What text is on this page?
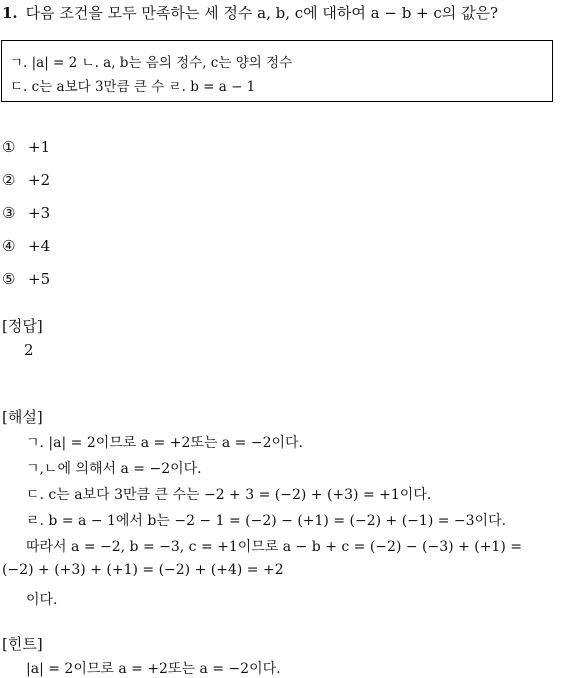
1. 다음 조건을 모두 만족하는 세 정수 a, b, c에 대하여 a − b + c의 값은?
ㄱ. |a| = 2 ㄴ. a, b는 음의 정수, c는 양의 정수
ㄷ. c는 a보다 3만큼 큰 수 ㄹ. b = a − 1
① +1
② +2
③ +3
④ +4
⑤ +5
[정답]
2
[해설]
ㄱ. |a| = 2이므로 a = +2또는 a = −2이다.
ㄱ,ㄴ에 의해서 a = −2이다.
ㄷ. c는 a보다 3만큼 큰 수는 −2 + 3 = (−2) + (+3) = +1이다.
ㄹ. b = a − 1에서 b는 −2 − 1 = (−2) − (+1) = (−2) + (−1) = −3이다.
따라서 a = −2, b = −3, c = +1이므로 a − b + c = (−2) − (−3) + (+1) =
(−2) + (+3) + (+1) = (−2) + (+4) = +2
이다.
[힌트]
|a| = 2이므로 a = +2또는 a = −2이다.
